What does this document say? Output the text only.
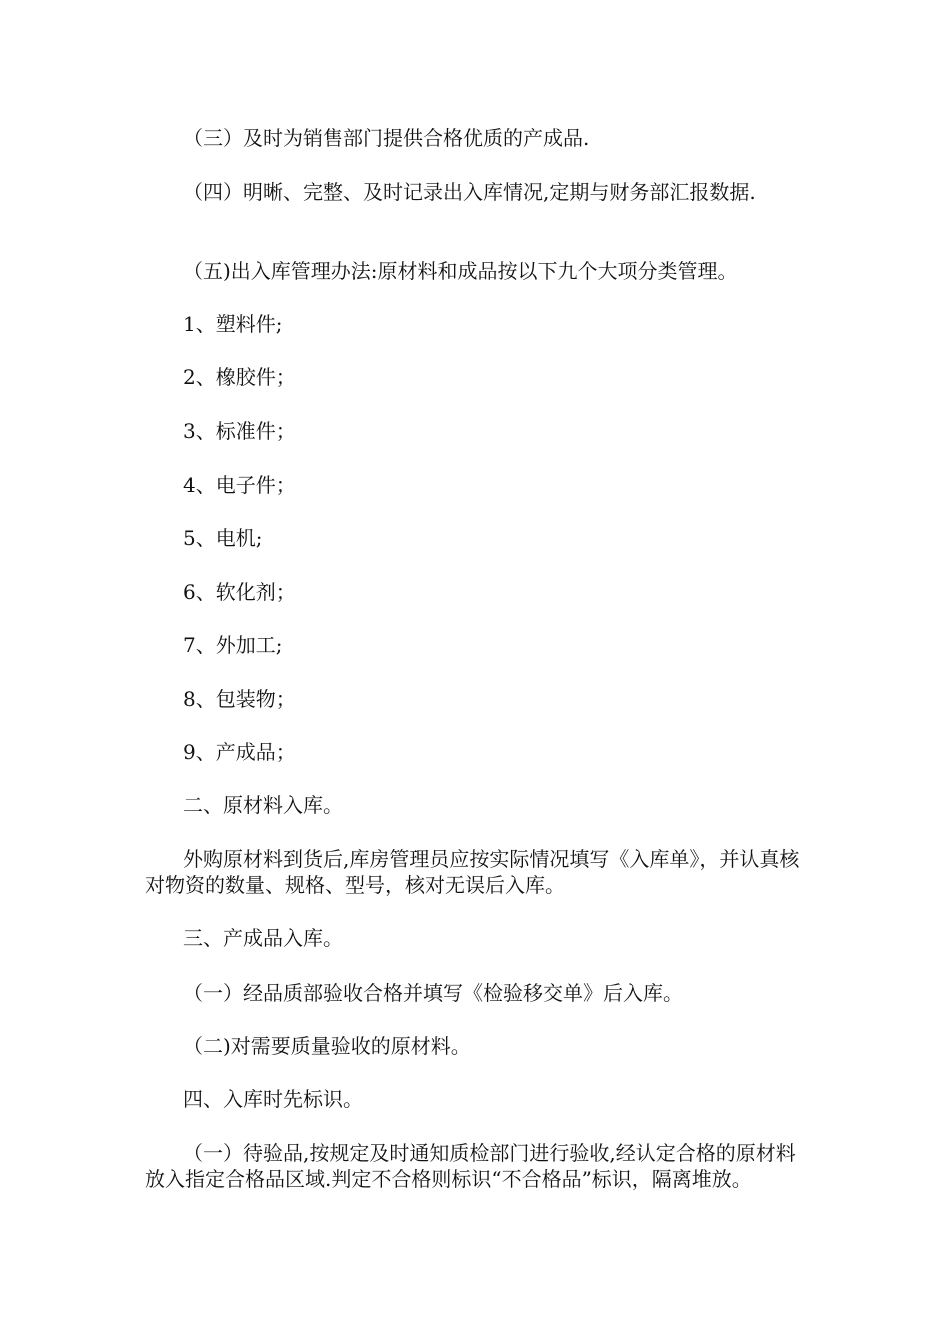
（三）及时为销售部门提供合格优质的产成品.

（四）明晰、完整、及时记录出入库情况,定期与财务部汇报数据.

（五)出入库管理办法:原材料和成品按以下九个大项分类管理。

1、塑料件;

2、橡胶件；

3、标准件；

4、电子件；

5、电机;

6、软化剂；

7、外加工;

8、包装物；

9、产成品；

二、原材料入库。

外购原材料到货后,库房管理员应按实际情况填写《入库单》，并认真核对物资的数量、规格、型号，核对无误后入库。

三、产成品入库。

（一）经品质部验收合格并填写《检验移交单》后入库。

（二)对需要质量验收的原材料。

四、入库时先标识。

（一）待验品,按规定及时通知质检部门进行验收,经认定合格的原材料放入指定合格品区域.判定不合格则标识“不合格品”标识，隔离堆放。
